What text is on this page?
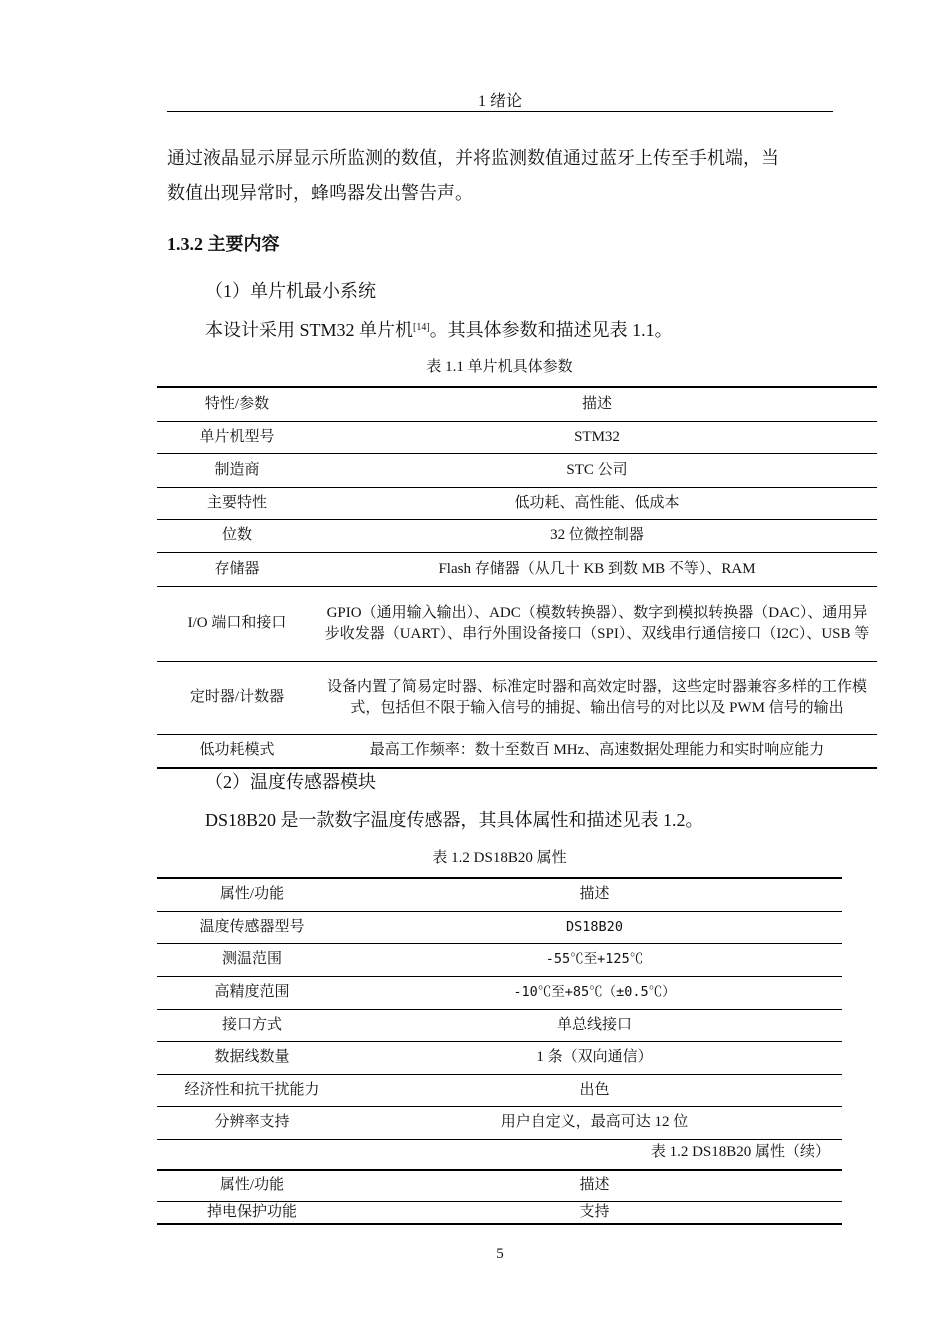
1 绪论
通过液晶显示屏显示所监测的数值，并将监测数值通过蓝牙上传至手机端，当
数值出现异常时，蜂鸣器发出警告声。
1.3.2 主要内容
（1）单片机最小系统
本设计采用 STM32 单片机[14]。其具体参数和描述见表 1.1。
表 1.1 单片机具体参数
特性/参数	描述
单片机型号	STM32
制造商	STC 公司
主要特性	低功耗、高性能、低成本
位数	32 位微控制器
存储器	Flash 存储器（从几十 KB 到数 MB 不等）、RAM
I/O 端口和接口	GPIO（通用输入输出）、ADC（模数转换器）、数字到模拟转换器（DAC）、通用异步收发器（UART）、串行外围设备接口（SPI）、双线串行通信接口（I2C）、USB 等
定时器/计数器	设备内置了简易定时器、标准定时器和高效定时器，这些定时器兼容多样的工作模式，包括但不限于输入信号的捕捉、输出信号的对比以及 PWM 信号的输出
低功耗模式	最高工作频率：数十至数百 MHz、高速数据处理能力和实时响应能力
（2）温度传感器模块
DS18B20 是一款数字温度传感器，其具体属性和描述见表 1.2。
表 1.2 DS18B20 属性
属性/功能	描述
温度传感器型号	DS18B20
测温范围	-55℃至+125℃
高精度范围	-10℃至+85℃（±0.5℃）
接口方式	单总线接口
数据线数量	1 条（双向通信）
经济性和抗干扰能力	出色
分辨率支持	用户自定义，最高可达 12 位
表 1.2 DS18B20 属性（续）
属性/功能	描述
掉电保护功能	支持
5
